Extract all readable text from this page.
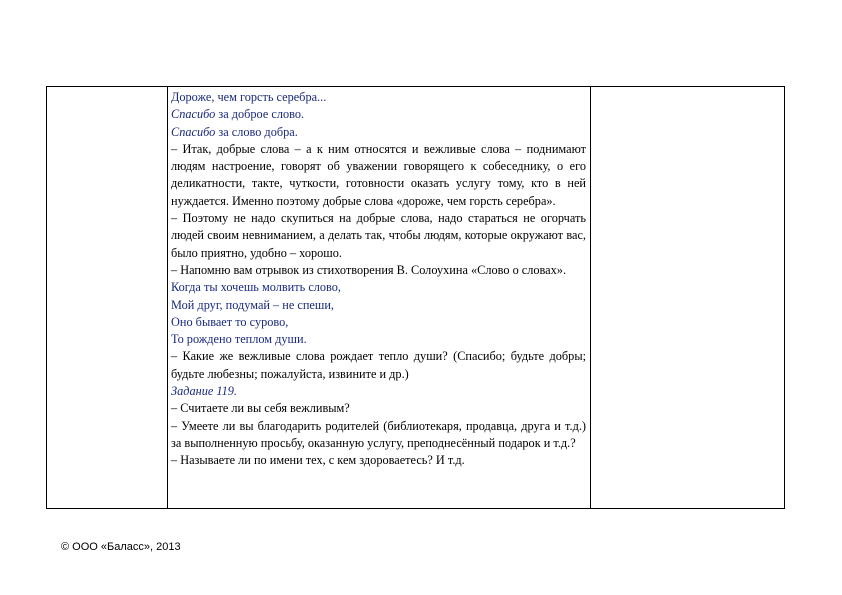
Дороже, чем горсть серебра...

Спасибо за доброе слово.

Спасибо за слово добра.

– Итак, добрые слова – а к ним относятся и вежливые слова – поднимают людям настроение, говорят об уважении говорящего к собеседнику, о его деликатности, такте, чуткости, готовности оказать услугу тому, кто в ней нуждается. Именно поэтому добрые слова «дороже, чем горсть серебра».

– Поэтому не надо скупиться на добрые слова, надо стараться не огорчать людей своим невниманием, а делать так, чтобы людям, которые окружают вас, было приятно, удобно – хорошо.

– Напомню вам отрывок из стихотворения В. Солоухина «Слово о словах».

Когда ты хочешь молвить слово,

Мой друг, подумай – не спеши,

Оно бывает то сурово,

То рождено теплом души.

– Какие же вежливые слова рождает тепло души? (Спасибо; будьте добры; будьте любезны; пожалуйста, извините и др.)

Задание 119.

– Считаете ли вы себя вежливым?

– Умеете ли вы благодарить родителей (библиотекаря, продавца, друга и т.д.) за выполненную просьбу, оказанную услугу, преподнесённый подарок и т.д.?

– Называете ли по имени тех, с кем здороваетесь? И т.д.

© ООО «Баласс», 2013
